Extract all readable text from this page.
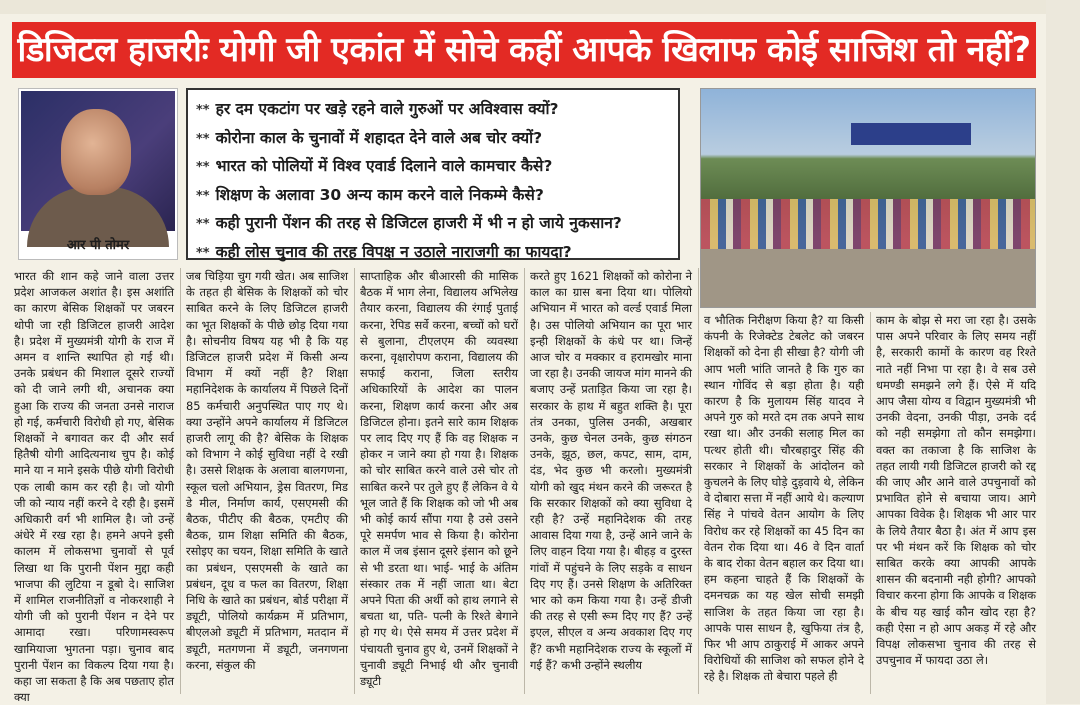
डिजिटल हाजरीः योगी जी एकांत में सोचे कहीं आपके खिलाफ कोई साजिश तो नहीं?
आर पी तोमर
** हर दम एकटांग पर खड़े रहने वाले गुरुओं पर अविश्वास क्यों?
** कोरोना काल के चुनावों में शहादत देने वाले अब चोर क्यों?
** भारत को पोलियों में विश्व एवार्ड दिलाने वाले कामचार कैसे?
** शिक्षण के अलावा 30 अन्य काम करने वाले निकम्मे कैसे?
** कही पुरानी पेंशन की तरह से डिजिटल हाजरी में भी न हो जाये नुकसान?
** कही लोस चुनाव की तरह विपक्ष न उठाले नाराजगी का फायदा?
भारत की शान कहे जाने वाला उत्तर प्रदेश आजकल अशांत है। इस अशांति का कारण बेसिक शिक्षकों पर जबरन थोपी जा रही डिजिटल हाजरी आदेश है। प्रदेश में मुख्यमंत्री योगी के राज में अमन व शान्ति स्थापित हो गई थी। उनके प्रबंधन की मिशाल दूसरे राज्यों को दी जाने लगी थी, अचानक क्या हुआ कि राज्य की जनता उनसे नाराज हो गई, कर्मचारी विरोधी हो गए, बेसिक शिक्षकों ने बगावत कर दी और सर्व हितैषी योगी आदित्यनाथ चुप है। कोई माने या न माने इसके पीछे योगी विरोधी एक लाबी काम कर रही है। जो योगी जी को न्याय नहीं करने दे रही है। इसमें अधिकारी वर्ग भी शामिल है। जो उन्हें अंधेरे में रख रहा है। हमने अपने इसी कालम में लोकसभा चुनावों से पूर्व लिखा था कि पुरानी पेंशन मुद्दा कही भाजपा की लुटिया न डूबो दे। साजिश में शामिल राजनीतिज्ञों व नोकरशाही ने योगी जी को पुरानी पेंशन न देने पर आमादा रखा। परिणामस्वरूप खामियाजा भुगतना पड़ा। चुनाव बाद पुरानी पेंशन का विकल्प दिया गया है। कहा जा सकता है कि अब पछताए होत क्या
जब चिड़िया चुग गयी खेत। अब साजिश के तहत ही बेसिक के शिक्षकों को चोर साबित करने के लिए डिजिटल हाजरी का भूत शिक्षकों के पीछे छोड़ दिया गया है। सोचनीय विषय यह भी है कि यह डिजिटल हाजरी प्रदेश में किसी अन्य विभाग में क्यों नहीं है? शिक्षा महानिदेशक के कार्यालय में पिछले दिनों 85 कर्मचारी अनुपस्थित पाए गए थे। क्या उन्होंने अपने कार्यालय में डिजिटल हाजरी लागू की है? बेसिक के शिक्षक को विभाग ने कोई सुविधा नहीं दे रखी है। उससे शिक्षक के अलावा बालगणना, स्कूल चलो अभियान, ड्रेस वितरण, मिड डे मील, निर्माण कार्य, एसएमसी की बैठक, पीटीए की बैठक, एमटीए की बैठक, ग्राम शिक्षा समिति की बैठक, रसोइए का चयन, शिक्षा समिति के खाते का प्रबंधन, एसएमसी के खाते का प्रबंधन, दूध व फल का वितरण, शिक्षा निधि के खाते का प्रबंधन, बोर्ड परीक्षा में ड्यूटी, पोलियो कार्यक्रम में प्रतिभाग, बीएलओ ड्यूटी में प्रतिभाग, मतदान में ड्यूटी, मतगणना में ड्यूटी, जनगणना करना, संकुल की
साप्ताहिक और बीआरसी की मासिक बैठक में भाग लेना, विद्यालय अभिलेख तैयार करना, विद्यालय की रंगाई पुताई करना, रेपिड सर्वे करना, बच्चों को घरों से बुलाना, टीएलएम की व्यवस्था करना, वृक्षारोपण कराना, विद्यालय की सफाई कराना, जिला स्तरीय अधिकारियों के आदेश का पालन करना, शिक्षण कार्य करना और अब डिजिटल होना। इतने सारे काम शिक्षक पर लाद दिए गए हैं कि वह शिक्षक न होकर न जाने क्या हो गया है। शिक्षक को चोर साबित करने वाले उसे चोर तो साबित करने पर तुले हुए हैं लेकिन वे ये भूल जाते हैं कि शिक्षक को जो भी अब भी कोई कार्य सौंपा गया है उसे उसने पूरे समर्पण भाव से किया है। कोरोना काल में जब इंसान दूसरे इंसान को छूने से भी डरता था। भाई- भाई के अंतिम संस्कार तक में नहीं जाता था। बेटा अपने पिता की अर्थी को हाथ लगाने से बचता था, पति- पत्नी के रिश्ते बेगाने हो गए थे। ऐसे समय में उत्तर प्रदेश में पंचायती चुनाव हुए थे, उनमें शिक्षकों ने चुनावी ड्यूटी निभाई थी और चुनावी ड्यूटी
करते हुए 1621 शिक्षकों को कोरोना ने काल का ग्रास बना दिया था। पोलियो अभियान में भारत को वर्ल्ड एवार्ड मिला है। उस पोलियो अभियान का पूरा भार इन्ही शिक्षकों के कंधे पर था। जिन्हें आज चोर व मक्कार व हरामखोर माना जा रहा है। उनकी जायज मांग मानने की बजाए उन्हें प्रताड़ित किया जा रहा है। सरकार के हाथ में बहुत शक्ति है। पूरा तंत्र उनका, पुलिस उनकी, अखबार उनके, कुछ चेनल उनके, कुछ संगठन उनके, झूठ, छल, कपट, साम, दाम, दंड, भेद कुछ भी करलो। मुख्यमंत्री योगी को खुद मंथन करने की जरूरत है कि सरकार शिक्षकों को क्या सुविधा दे रही है? उन्हें महानिदेशक की तरह आवास दिया गया है, उन्हें आने जाने के लिए वाहन दिया गया है। बीहड़ व दुरस्त गांवों में पहुंचने के लिए सड़के व साधन दिए गए हैं। उनसे शिक्षण के अतिरिक्त भार को कम किया गया है। उन्हें डीजी की तरह से एसी रूम दिए गए हैं? उन्हें इएल, सीएल व अन्य अवकाश दिए गए हैं? कभी महानिदेशक राज्य के स्कूलों में गई हैं? कभी उन्होंने स्थलीय
व भौतिक निरीक्षण किया है? या किसी कंपनी के रिजेक्टेड टेबलेट को जबरन शिक्षकों को देना ही सीखा है? योगी जी आप भली भांति जानते है कि गुरु का स्थान गोविंद से बड़ा होता है। यही कारण है कि मुलायम सिंह यादव ने अपने गुरु को मरते दम तक अपने साथ रखा था। और उनकी सलाह मिल का पत्थर होती थी। चौरबहादुर सिंह की सरकार ने शिक्षकों के आंदोलन को कुचलने के लिए घोड़े दुड़वाये थे, लेकिन वे दोबारा सत्ता में नहीं आये थे। कल्याण सिंह ने पांचवे वेतन आयोग के लिए विरोध कर रहे शिक्षकों का 45 दिन का वेतन रोक दिया था। 46 वे दिन वार्ता के बाद रोका वेतन बहाल कर दिया था। हम कहना चाहते हैं कि शिक्षकों के दमनचक्र का यह खेल सोची समझी साजिश के तहत किया जा रहा है। आपके पास साधन है, खुफिया तंत्र है, फिर भी आप ठाकुराई में आकर अपने विरोधियों की साजिश को सफल होने दे रहे है। शिक्षक तो बेचारा पहले ही
काम के बोझ से मरा जा रहा है। उसके पास अपने परिवार के लिए समय नहीं है, सरकारी कामों के कारण वह रिश्ते नाते नहीं निभा पा रहा है। वे सब उसे धमण्डी समझने लगे हैं। ऐसे में यदि आप जैसा योग्य व विद्वान मुख्यमंत्री भी उनकी वेदना, उनकी पीड़ा, उनके दर्द को नही समझेगा तो कौन समझेगा। वक्त का तकाजा है कि साजिश के तहत लायी गयी डिजिटल हाजरी को रद्द की जाए और आने वाले उपचुनावों को प्रभावित होने से बचाया जाय। आगे आपका विवेक है। शिक्षक भी आर पार के लिये तैयार बैठा है। अंत में आप इस पर भी मंथन करें कि शिक्षक को चोर साबित करके क्या आपकी आपके शासन की बदनामी नही होगी? आपको विचार करना होगा कि आपके व शिक्षक के बीच यह खाई कौन खोद रहा है? कही ऐसा न हो आप अकड़ में रहे और विपक्ष लोकसभा चुनाव की तरह से उपचुनाव में फायदा उठा ले।
